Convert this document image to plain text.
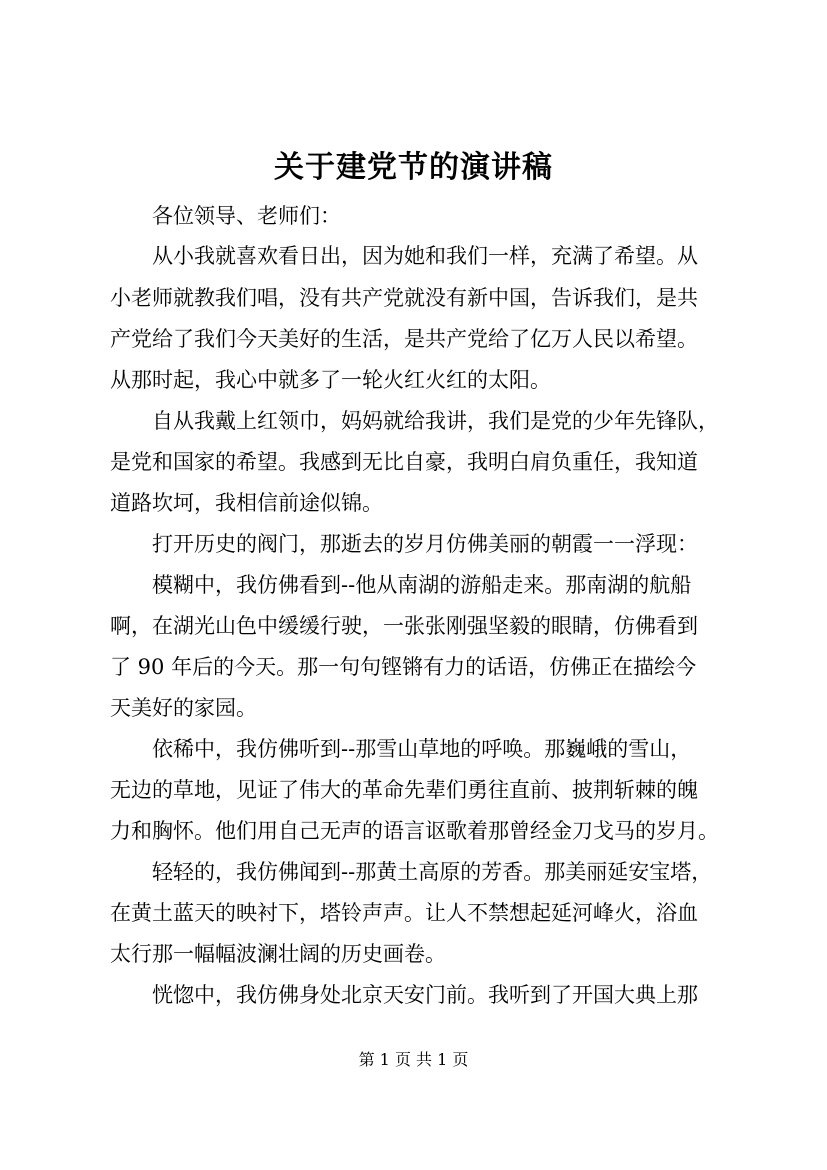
关于建党节的演讲稿
各位领导、老师们：
从小我就喜欢看日出，因为她和我们一样，充满了希望。从
小老师就教我们唱，没有共产党就没有新中国，告诉我们，是共
产党给了我们今天美好的生活，是共产党给了亿万人民以希望。
从那时起，我心中就多了一轮火红火红的太阳。
自从我戴上红领巾，妈妈就给我讲，我们是党的少年先锋队，
是党和国家的希望。我感到无比自豪，我明白肩负重任，我知道
道路坎坷，我相信前途似锦。
打开历史的阀门，那逝去的岁月仿佛美丽的朝霞一一浮现：
模糊中，我仿佛看到--他从南湖的游船走来。那南湖的航船
啊，在湖光山色中缓缓行驶，一张张刚强坚毅的眼睛，仿佛看到
了 90 年后的今天。那一句句铿锵有力的话语，仿佛正在描绘今
天美好的家园。
依稀中，我仿佛听到--那雪山草地的呼唤。那巍峨的雪山，
无边的草地，见证了伟大的革命先辈们勇往直前、披荆斩棘的魄
力和胸怀。他们用自己无声的语言讴歌着那曾经金刀戈马的岁月。
轻轻的，我仿佛闻到--那黄土高原的芳香。那美丽延安宝塔，
在黄土蓝天的映衬下，塔铃声声。让人不禁想起延河峰火，浴血
太行那一幅幅波澜壮阔的历史画卷。
恍惚中，我仿佛身处北京天安门前。我听到了开国大典上那
第 1 页 共 1 页
